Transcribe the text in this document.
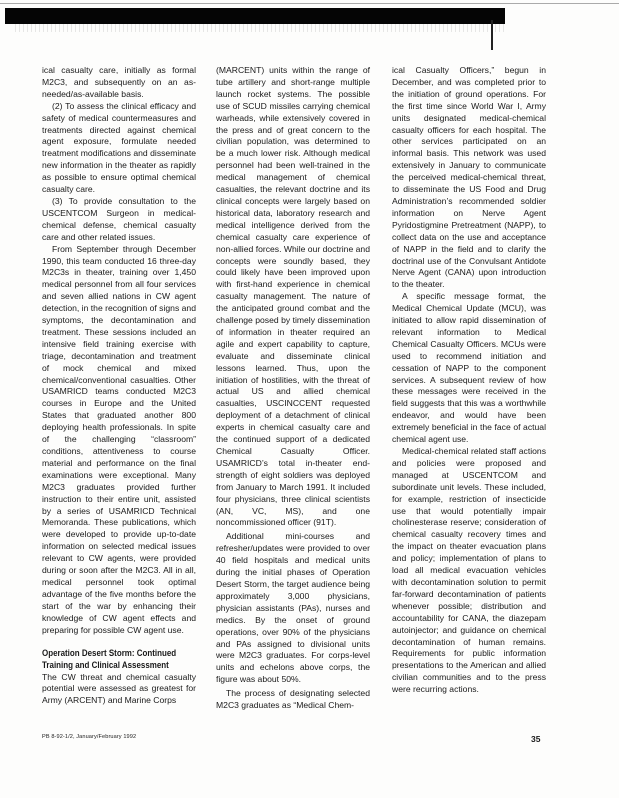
ical casualty care, initially as formal M2C3, and subsequently on an as-needed/as-available basis.

(2) To assess the clinical efficacy and safety of medical countermeasures and treatments directed against chemical agent exposure, formulate needed treatment modifications and disseminate new information in the theater as rapidly as possible to ensure optimal chemical casualty care.

(3) To provide consultation to the USCENTCOM Surgeon in medical-chemical defense, chemical casualty care and other related issues.

From September through December 1990, this team conducted 16 three-day M2C3s in theater, training over 1,450 medical personnel from all four services and seven allied nations in CW agent detection, in the recognition of signs and symptoms, the decontamination and treatment. These sessions included an intensive field training exercise with triage, decontamination and treatment of mock chemical and mixed chemical/conventional casualties. Other USAMRICD teams conducted M2C3 courses in Europe and the United States that graduated another 800 deploying health professionals. In spite of the challenging “classroom” conditions, attentiveness to course material and performance on the final examinations were exceptional. Many M2C3 graduates provided further instruction to their entire unit, assisted by a series of USAMRICD Technical Memoranda. These publications, which were developed to provide up-to-date information on selected medical issues relevant to CW agents, were provided during or soon after the M2C3. All in all, medical personnel took optimal advantage of the five months before the start of the war by enhancing their knowledge of CW agent effects and preparing for possible CW agent use.

Operation Desert Storm: Continued
Training and Clinical Assessment

The CW threat and chemical casualty potential were assessed as greatest for Army (ARCENT) and Marine Corps

(MARCENT) units within the range of tube artillery and short-range multiple launch rocket systems. The possible use of SCUD missiles carrying chemical warheads, while extensively covered in the press and of great concern to the civilian population, was determined to be a much lower risk. Although medical personnel had been well-trained in the medical management of chemical casualties, the relevant doctrine and its clinical concepts were largely based on historical data, laboratory research and medical intelligence derived from the chemical casualty care experience of non-allied forces. While our doctrine and concepts were soundly based, they could likely have been improved upon with first-hand experience in chemical casualty management. The nature of the anticipated ground combat and the challenge posed by timely dissemination of information in theater required an agile and expert capability to capture, evaluate and disseminate clinical lessons learned. Thus, upon the initiation of hostilities, with the threat of actual US and allied chemical casualties, USCINCCENT requested deployment of a detachment of clinical experts in chemical casualty care and the continued support of a dedicated Chemical Casualty Officer. USAMRICD’s total in-theater end-strength of eight soldiers was deployed from January to March 1991. It included four physicians, three clinical scientists (AN, VC, MS), and one noncommissioned officer (91T).

Additional mini-courses and refresher/updates were provided to over 40 field hospitals and medical units during the initial phases of Operation Desert Storm, the target audience being approximately 3,000 physicians, physician assistants (PAs), nurses and medics. By the onset of ground operations, over 90% of the physicians and PAs assigned to divisional units were M2C3 graduates. For corps-level units and echelons above corps, the figure was about 50%.

The process of designating selected M2C3 graduates as “Medical Chem-

ical Casualty Officers,” begun in December, and was completed prior to the initiation of ground operations. For the first time since World War I, Army units designated medical-chemical casualty officers for each hospital. The other services participated on an informal basis. This network was used extensively in January to communicate the perceived medical-chemical threat, to disseminate the US Food and Drug Administration’s recommended soldier information on Nerve Agent Pyridostigmine Pretreatment (NAPP), to collect data on the use and acceptance of NAPP in the field and to clarify the doctrinal use of the Convulsant Antidote Nerve Agent (CANA) upon introduction to the theater.

A specific message format, the Medical Chemical Update (MCU), was initiated to allow rapid dissemination of relevant information to Medical Chemical Casualty Officers. MCUs were used to recommend initiation and cessation of NAPP to the component services. A subsequent review of how these messages were received in the field suggests that this was a worthwhile endeavor, and would have been extremely beneficial in the face of actual chemical agent use.

Medical-chemical related staff actions and policies were proposed and managed at USCENTCOM and subordinate unit levels. These included, for example, restriction of insecticide use that would potentially impair cholinesterase reserve; consideration of chemical casualty recovery times and the impact on theater evacuation plans and policy; implementation of plans to load all medical evacuation vehicles with decontamination solution to permit far-forward decontamination of patients whenever possible; distribution and accountability for CANA, the diazepam autoinjector; and guidance on chemical decontamination of human remains. Requirements for public information presentations to the American and allied civilian communities and to the press were recurring actions.

PB 8-92-1/2, January/February 1992	35
